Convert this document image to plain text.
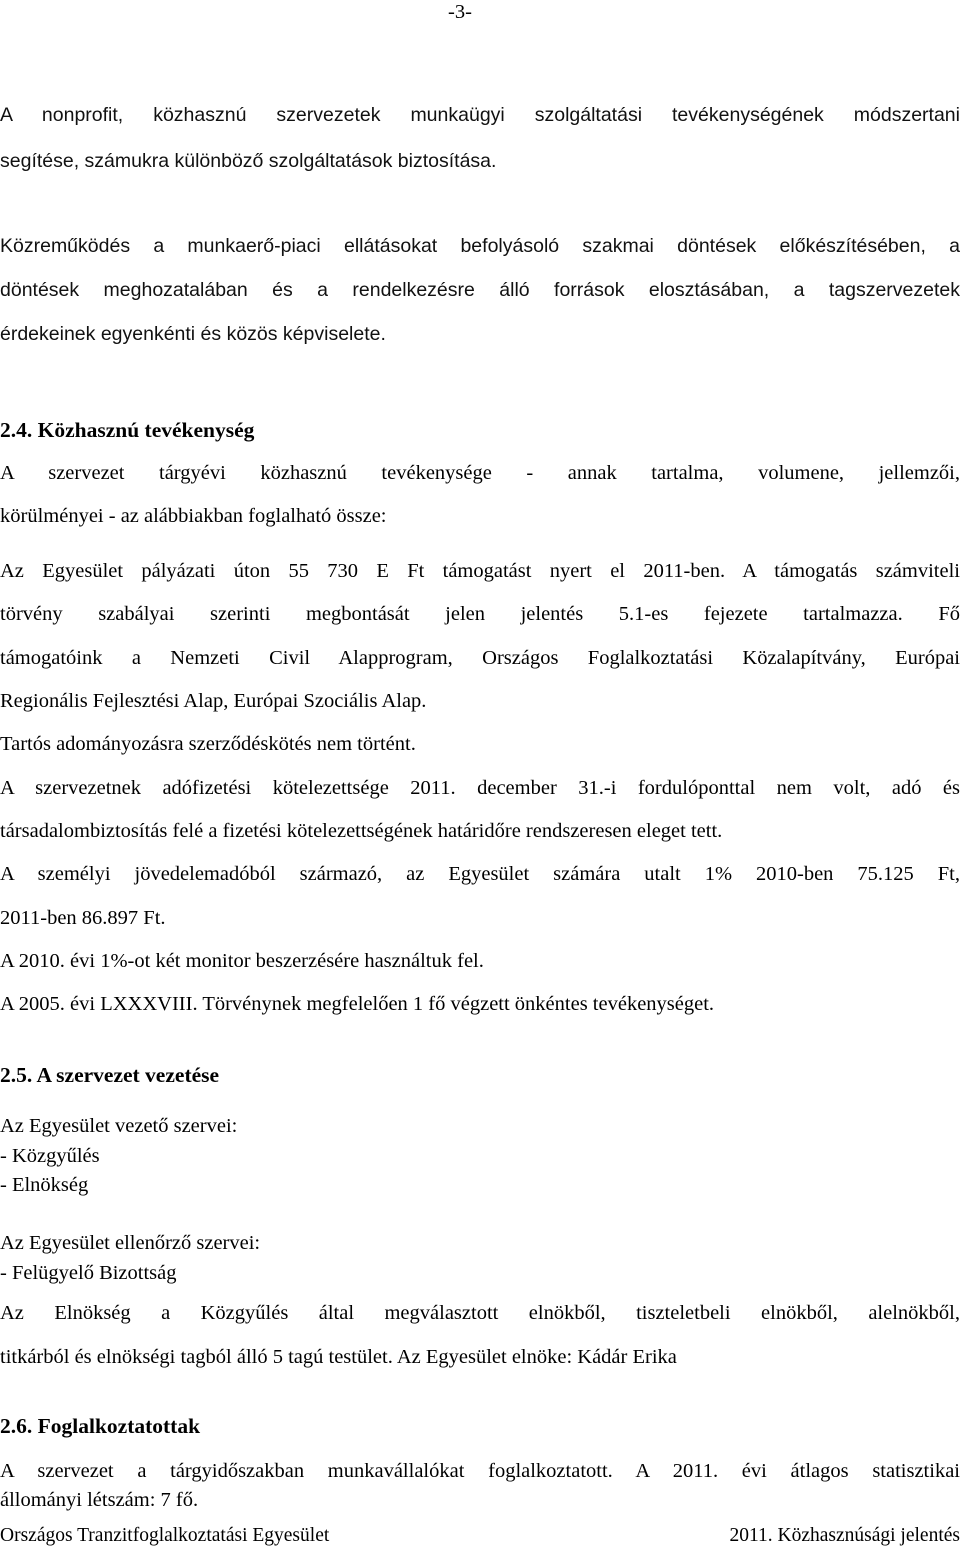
-3-
A nonprofit, közhasznú szervezetek munkaügyi szolgáltatási tevékenységének módszertani
segítése, számukra különböző szolgáltatások biztosítása.
Közreműködés a munkaerő-piaci ellátásokat befolyásoló szakmai döntések előkészítésében, a
döntések meghozatalában és a rendelkezésre álló források elosztásában, a tagszervezetek
érdekeinek egyenkénti és közös képviselete.
2.4. Közhasznú tevékenység
A szervezet tárgyévi közhasznú tevékenysége - annak tartalma, volumene, jellemzői,
körülményei - az alábbiakban foglalható össze:
Az Egyesület pályázati úton 55 730 E Ft támogatást nyert el 2011-ben. A támogatás számviteli
törvény szabályai szerinti megbontását jelen jelentés 5.1-es fejezete tartalmazza. Fő
támogatóink a Nemzeti Civil Alapprogram, Országos Foglalkoztatási Közalapítvány, Európai
Regionális Fejlesztési Alap, Európai Szociális Alap.
Tartós adományozásra szerződéskötés nem történt.
A szervezetnek adófizetési kötelezettsége 2011. december 31.-i fordulóponttal nem volt, adó és
társadalombiztosítás felé a fizetési kötelezettségének határidőre rendszeresen eleget tett.
A személyi jövedelemadóból származó, az Egyesület számára utalt 1% 2010-ben 75.125 Ft,
2011-ben 86.897 Ft.
A 2010. évi 1%-ot két monitor beszerzésére használtuk fel.
A 2005. évi LXXXVIII. Törvénynek megfelelően 1 fő végzett önkéntes tevékenységet.
2.5. A szervezet vezetése
Az Egyesület vezető szervei:
- Közgyűlés
- Elnökség
Az Egyesület ellenőrző szervei:
- Felügyelő Bizottság
Az Elnökség a Közgyűlés által megválasztott elnökből, tiszteletbeli elnökből, alelnökből,
titkárból és elnökségi tagból álló 5 tagú testület. Az Egyesület elnöke: Kádár Erika
2.6. Foglalkoztatottak
A szervezet a tárgyidőszakban munkavállalókat foglalkoztatott. A 2011. évi átlagos statisztikai
állományi létszám: 7 fő.
Országos Tranzitfoglalkoztatási Egyesület	2011. Közhasznúsági jelentés
